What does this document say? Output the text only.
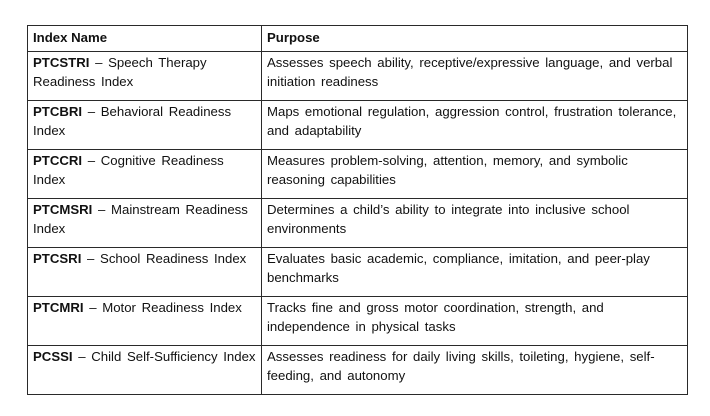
Index Name	Purpose
PTCSTRI – Speech Therapy Readiness Index	Assesses speech ability, receptive/expressive language, and verbal initiation readiness
PTCBRI – Behavioral Readiness Index	Maps emotional regulation, aggression control, frustration tolerance, and adaptability
PTCCRI – Cognitive Readiness Index	Measures problem-solving, attention, memory, and symbolic reasoning capabilities
PTCMSRI – Mainstream Readiness Index	Determines a child’s ability to integrate into inclusive school environments
PTCSRI – School Readiness Index	Evaluates basic academic, compliance, imitation, and peer-play benchmarks
PTCMRI – Motor Readiness Index	Tracks fine and gross motor coordination, strength, and independence in physical tasks
PCSSI – Child Self-Sufficiency Index	Assesses readiness for daily living skills, toileting, hygiene, self-feeding, and autonomy
